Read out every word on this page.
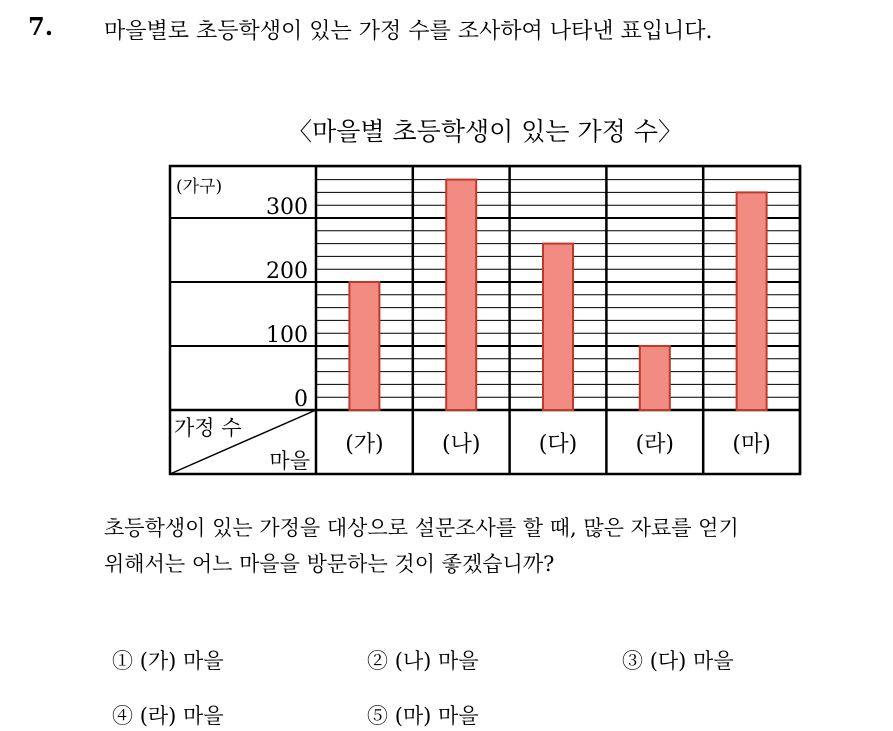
7. 마을별로 초등학생이 있는 가정 수를 조사하여 나타낸 표입니다.
〈마을별 초등학생이 있는 가정 수〉
0
100
200
300
(가구)
가정 수
마을
(가)	(나)	(다)	(라)	(마)
초등학생이 있는 가정을 대상으로 설문조사를 할 때, 많은 자료를 얻기
위해서는 어느 마을을 방문하는 것이 좋겠습니까?
① (가) 마을	② (나) 마을	③ (다) 마을
④ (라) 마을	⑤ (마) 마을
